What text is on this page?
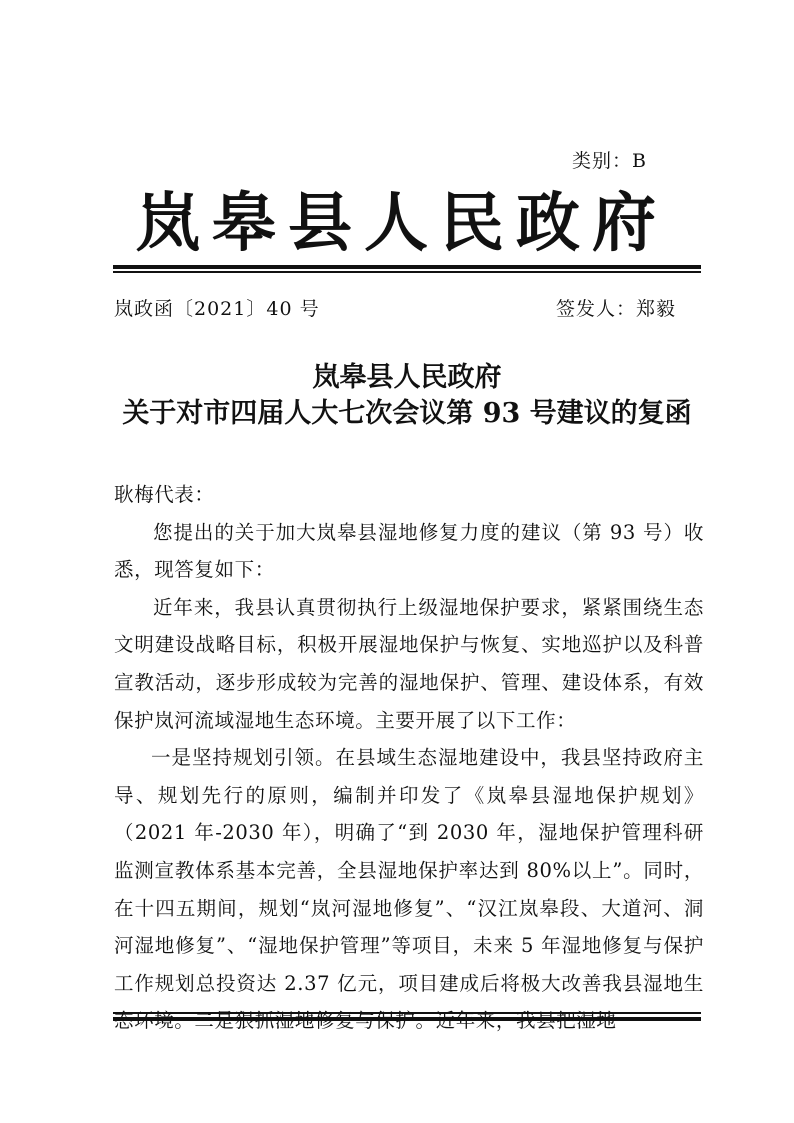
类别：B
岚皋县人民政府
岚政函〔2021〕40 号	签发人：郑毅
岚皋县人民政府
关于对市四届人大七次会议第 93 号建议的复函

耿梅代表：

您提出的关于加大岚皋县湿地修复力度的建议（第 93 号）收悉，现答复如下：

近年来，我县认真贯彻执行上级湿地保护要求，紧紧围绕生态文明建设战略目标，积极开展湿地保护与恢复、实地巡护以及科普宣教活动，逐步形成较为完善的湿地保护、管理、建设体系，有效保护岚河流域湿地生态环境。主要开展了以下工作：

一是坚持规划引领。在县域生态湿地建设中，我县坚持政府主导、规划先行的原则，编制并印发了《岚皋县湿地保护规划》（2021 年-2030 年），明确了“到 2030 年，湿地保护管理科研监测宣教体系基本完善，全县湿地保护率达到 80%以上”。同时，在十四五期间，规划“岚河湿地修复”、“汉江岚皋段、大道河、洞河湿地修复”、“湿地保护管理”等项目，未来 5 年湿地修复与保护工作规划总投资达 2.37 亿元，项目建成后将极大改善我县湿地生
